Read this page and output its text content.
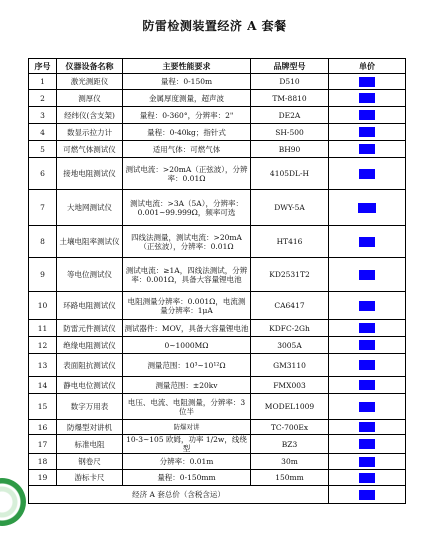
防雷检测装置经济 A 套餐
序号	仪器设备名称	主要性能要求	品牌型号	单价
1	激光测距仪	量程：0-150m	D510	
2	测厚仪	金属厚度测量，超声波	TM-8810	
3	经纬仪(含支架)	量程：0-360°，分辨率：2"	DE2A	
4	数显示拉力计	量程：0-40kg；指针式	SH-500	
5	可燃气体测试仪	适用气体：可燃气体	BH90	
6	接地电阻测试仪	测试电流：>20mA（正弦波），分辨率：0.01Ω	4105DL-H	
7	大地网测试仪	测试电流：>3A（5A），分辨率：0.001~99.999Ω，频率可选	DWY-5A	
8	土壤电阻率测试仪	四线法测量，测试电流：>20mA（正弦波），分辨率：0.01Ω	HT416	
9	等电位测试仪	测试电流：≥1A，四线法测试，分辨率：0.001Ω，具备大容量锂电池	KD2531T2	
10	环路电阻测试仪	电阻测量分辨率：0.001Ω，电流测量分辨率：1μA	CA6417	
11	防雷元件测试仪	测试器件：MOV，具备大容量锂电池	KDFC-2Gh	
12	绝缘电阻测试仪	0~1000MΩ	3005A	
13	表面阻抗测试仪	测量范围：10³~10¹²Ω	GM3110	
14	静电电位测试仪	测量范围：±20kv	FMX003	
15	数字万用表	电压、电流、电阻测量，分辨率：3 位半	MODEL1009	
16	防爆型对讲机	防爆对讲	TC-700Ex	
17	标准电阻	10-3~105 欧姆，功率 1/2w，线绕型	BZ3	
18	钢卷尺	分辨率：0.01m	30m	
19	游标卡尺	量程：0-150mm	150mm	
经济 A 套总价（含税含运）				
